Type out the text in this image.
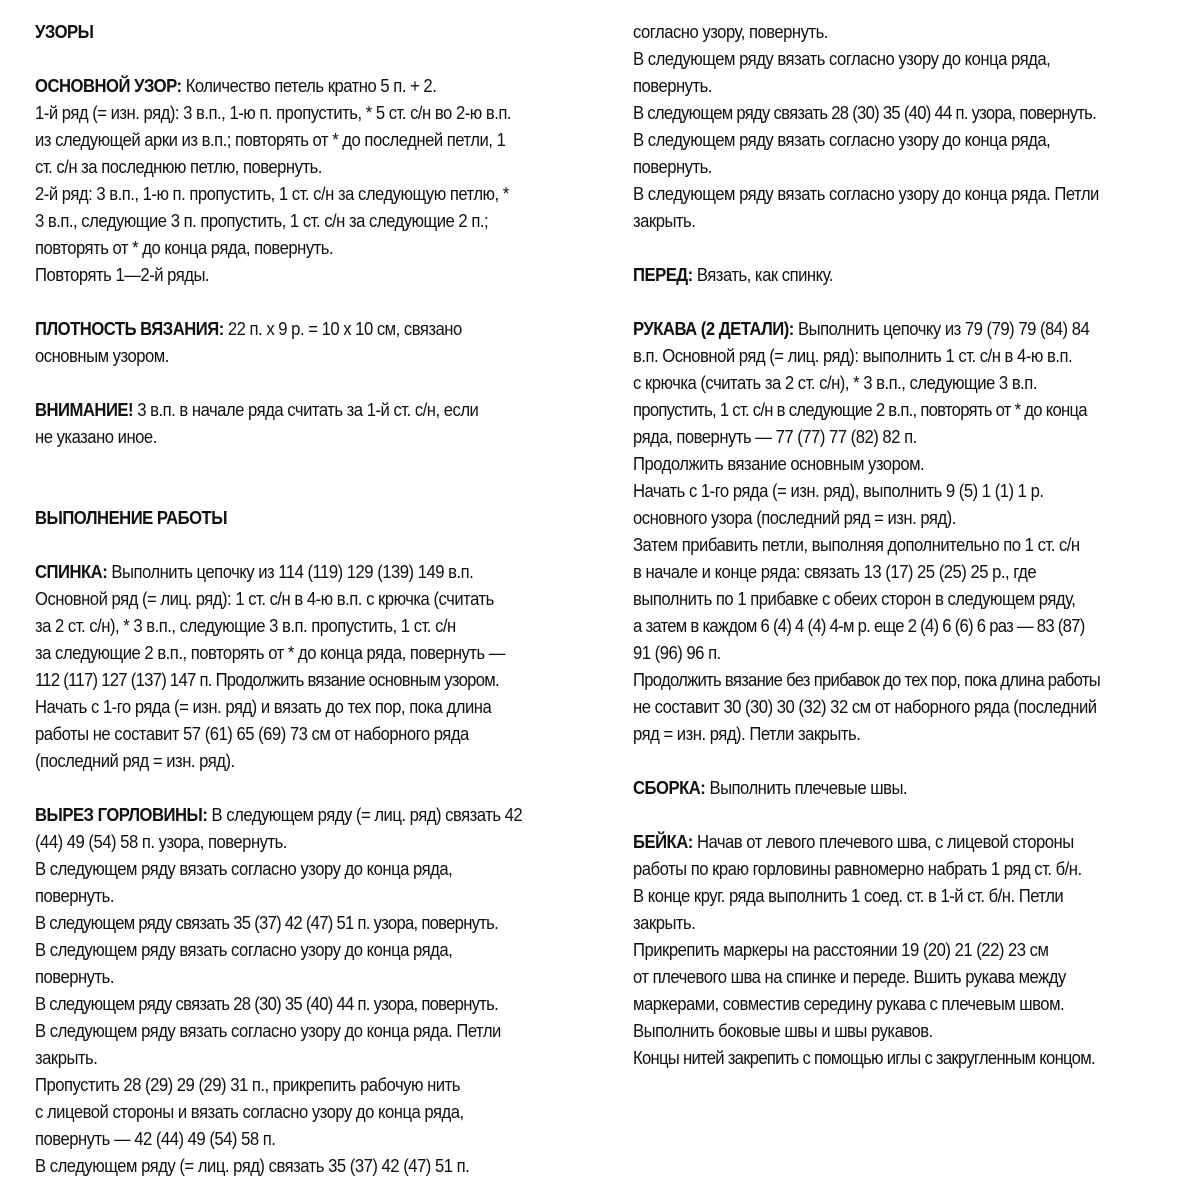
УЗОРЫ
ОСНОВНОЙ УЗОР: Количество петель кратно 5 п. + 2.
1-й ряд (= изн. ряд): 3 в.п., 1-ю п. пропустить, * 5 ст. с/н во 2-ю в.п.
из следующей арки из в.п.; повторять от * до последней петли, 1
ст. с/н за последнюю петлю, повернуть.
2-й ряд: 3 в.п., 1-ю п. пропустить, 1 ст. с/н за следующую петлю, *
3 в.п., следующие 3 п. пропустить, 1 ст. с/н за следующие 2 п.;
повторять от * до конца ряда, повернуть.
Повторять 1—2-й ряды.
ПЛОТНОСТЬ ВЯЗАНИЯ: 22 п. x 9 р. = 10 x 10 см, связано
основным узором.
ВНИМАНИЕ! 3 в.п. в начале ряда считать за 1-й ст. с/н, если
не указано иное.
ВЫПОЛНЕНИЕ РАБОТЫ
СПИНКА: Выполнить цепочку из 114 (119) 129 (139) 149 в.п.
Основной ряд (= лиц. ряд): 1 ст. с/н в 4-ю в.п. с крючка (считать
за 2 ст. с/н), * 3 в.п., следующие 3 в.п. пропустить, 1 ст. с/н
за следующие 2 в.п., повторять от * до конца ряда, повернуть —
112 (117) 127 (137) 147 п. Продолжить вязание основным узором.
Начать с 1-го ряда (= изн. ряд) и вязать до тех пор, пока длина
работы не составит 57 (61) 65 (69) 73 см от наборного ряда
(последний ряд = изн. ряд).
ВЫРЕЗ ГОРЛОВИНЫ: В следующем ряду (= лиц. ряд) связать 42
(44) 49 (54) 58 п. узора, повернуть.
В следующем ряду вязать согласно узору до конца ряда,
повернуть.
В следующем ряду связать 35 (37) 42 (47) 51 п. узора, повернуть.
В следующем ряду вязать согласно узору до конца ряда,
повернуть.
В следующем ряду связать 28 (30) 35 (40) 44 п. узора, повернуть.
В следующем ряду вязать согласно узору до конца ряда. Петли
закрыть.
Пропустить 28 (29) 29 (29) 31 п., прикрепить рабочую нить
с лицевой стороны и вязать согласно узору до конца ряда,
повернуть — 42 (44) 49 (54) 58 п.
В следующем ряду (= лиц. ряд) связать 35 (37) 42 (47) 51 п.
согласно узору, повернуть.
В следующем ряду вязать согласно узору до конца ряда,
повернуть.
В следующем ряду связать 28 (30) 35 (40) 44 п. узора, повернуть.
В следующем ряду вязать согласно узору до конца ряда,
повернуть.
В следующем ряду вязать согласно узору до конца ряда. Петли
закрыть.
ПЕРЕД: Вязать, как спинку.
РУКАВА (2 ДЕТАЛИ): Выполнить цепочку из 79 (79) 79 (84) 84
в.п. Основной ряд (= лиц. ряд): выполнить 1 ст. с/н в 4-ю в.п.
с крючка (считать за 2 ст. с/н), * 3 в.п., следующие 3 в.п.
пропустить, 1 ст. с/н в следующие 2 в.п., повторять от * до конца
ряда, повернуть — 77 (77) 77 (82) 82 п.
Продолжить вязание основным узором.
Начать с 1-го ряда (= изн. ряд), выполнить 9 (5) 1 (1) 1 р.
основного узора (последний ряд = изн. ряд).
Затем прибавить петли, выполняя дополнительно по 1 ст. с/н
в начале и конце ряда: связать 13 (17) 25 (25) 25 р., где
выполнить по 1 прибавке с обеих сторон в следующем ряду,
а затем в каждом 6 (4) 4 (4) 4-м р. еще 2 (4) 6 (6) 6 раз — 83 (87)
91 (96) 96 п.
Продолжить вязание без прибавок до тех пор, пока длина работы
не составит 30 (30) 30 (32) 32 см от наборного ряда (последний
ряд = изн. ряд). Петли закрыть.
СБОРКА: Выполнить плечевые швы.
БЕЙКА: Начав от левого плечевого шва, с лицевой стороны
работы по краю горловины равномерно набрать 1 ряд ст. б/н.
В конце круг. ряда выполнить 1 соед. ст. в 1-й ст. б/н. Петли
закрыть.
Прикрепить маркеры на расстоянии 19 (20) 21 (22) 23 см
от плечевого шва на спинке и переде. Вшить рукава между
маркерами, совместив середину рукава с плечевым швом.
Выполнить боковые швы и швы рукавов.
Концы нитей закрепить с помощью иглы с закругленным концом.
